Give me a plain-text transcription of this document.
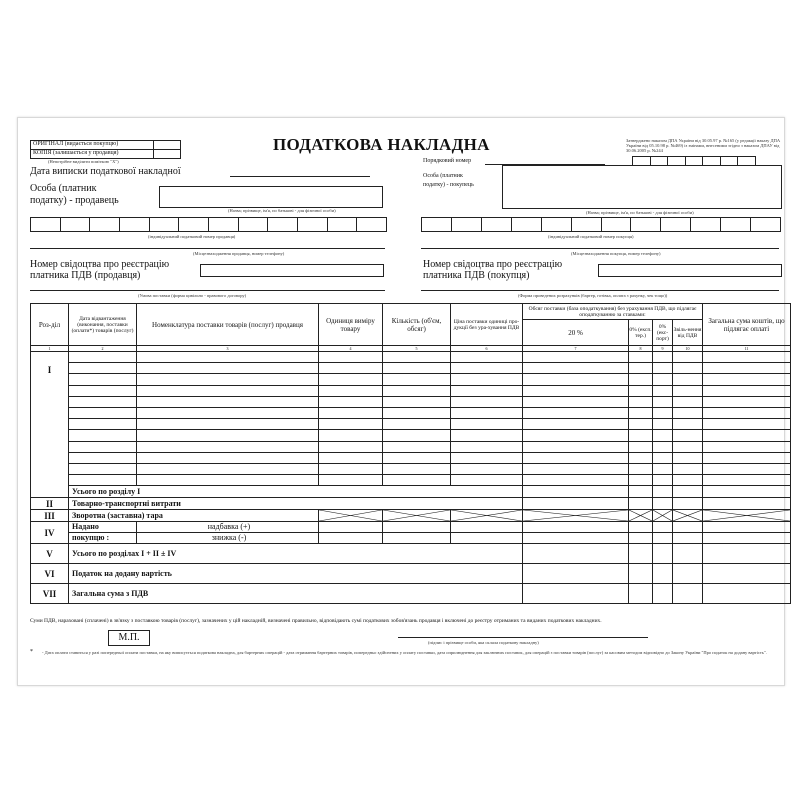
ОРИГІНАЛ (видається покупцю)
КОПІЯ (залишається у продавця)
(Непотрібне виділити поміткою "Х")
ПОДАТКОВА НАКЛАДНА	Затверджено наказом ДПА України від 30.05.97 р. №165 (у редакції наказу ДПА України від 05.10.98 р. №469) із змінами, внесеними згідно з наказом ДПАУ від 30.06.2005 р. №244
Дата виписки податкової накладної
Порядковий номер
Особа (платник
податку) - продавець
(Назва; прізвище, ім'я, по батькові - для фізичної особи)
(індивідуальний податковий номер продавця)
(Місцезнаходження продавця, номер телефону)
Номер свідоцтва про реєстрацію
платника ПДВ (продавця)
(Умова поставки (форма цивільно - правового договору)
Особа (платник
податку) - покупець
(Назва; прізвище, ім'я, по батькові - для фізичної особи)
(індивідуальний податковий номер покупця)
(Місцезнаходження покупця, номер телефону)
Номер свідоцтва про реєстрацію
платника ПДВ (покупця)
(Форма проведених розрахунків (бартер, готівка, оплата з рахунку, чек тощо))
Роз-діл	Дата відвантаження (виконання, поставки (оплати*) товарів (послуг)	Номенклатура поставки товарів (послуг) продавця	Одиниця виміру товару	Кількість (об'єм, обсяг)	Ціна поставки одиниці про-дукції без ура-хування ПДВ	Обсяг поставки (база оподаткування) без урахування ПДВ, що підлягає оподаткуванню за ставками:				Загальна сума коштів, що підлягає оплаті	
						20 %	0% (експ. тер.)	0% (екс-порт)	Звіль-нення від ПДВ		
1	2	3	4	5	6	7	8	9	10	11	
І											

	Усього по розділу І										
ІІ	Товарно-транспортні витрати										
ІІІ	Зворотна (заставна) тара	

ІV	Надано	надбавка (+)									
	покупцю :	знижка (-)									
V	Усього по розділах І + ІІ ± ІV										
VІ	Податок на додану вартість										
VІІ	Загальна сума з ПДВ										
Суми ПДВ, нараховані (сплачені) в зв'язку з поставкою товарів (послуг), зазначених у цій накладній, визначені правильно, відповідають сумі податкових зобов'язань продавця і включені до реєстру отриманих та виданих податкових накладних.
М.П.	(підпис і прізвище особи, яка склала податкову накладну)
* - Дата оплати ставиться у разі попередньої оплати поставки, на яку виписується податкова накладна, для бартерних операцій - дата отримання бартерних товарів, попередньо здійснених у оплату поставки, дата оприлюднення для заключних поставок, для операцій з поставки товарів (послуг) за касовим методом відповідно до Закону України "Про податок на додану вартість".
